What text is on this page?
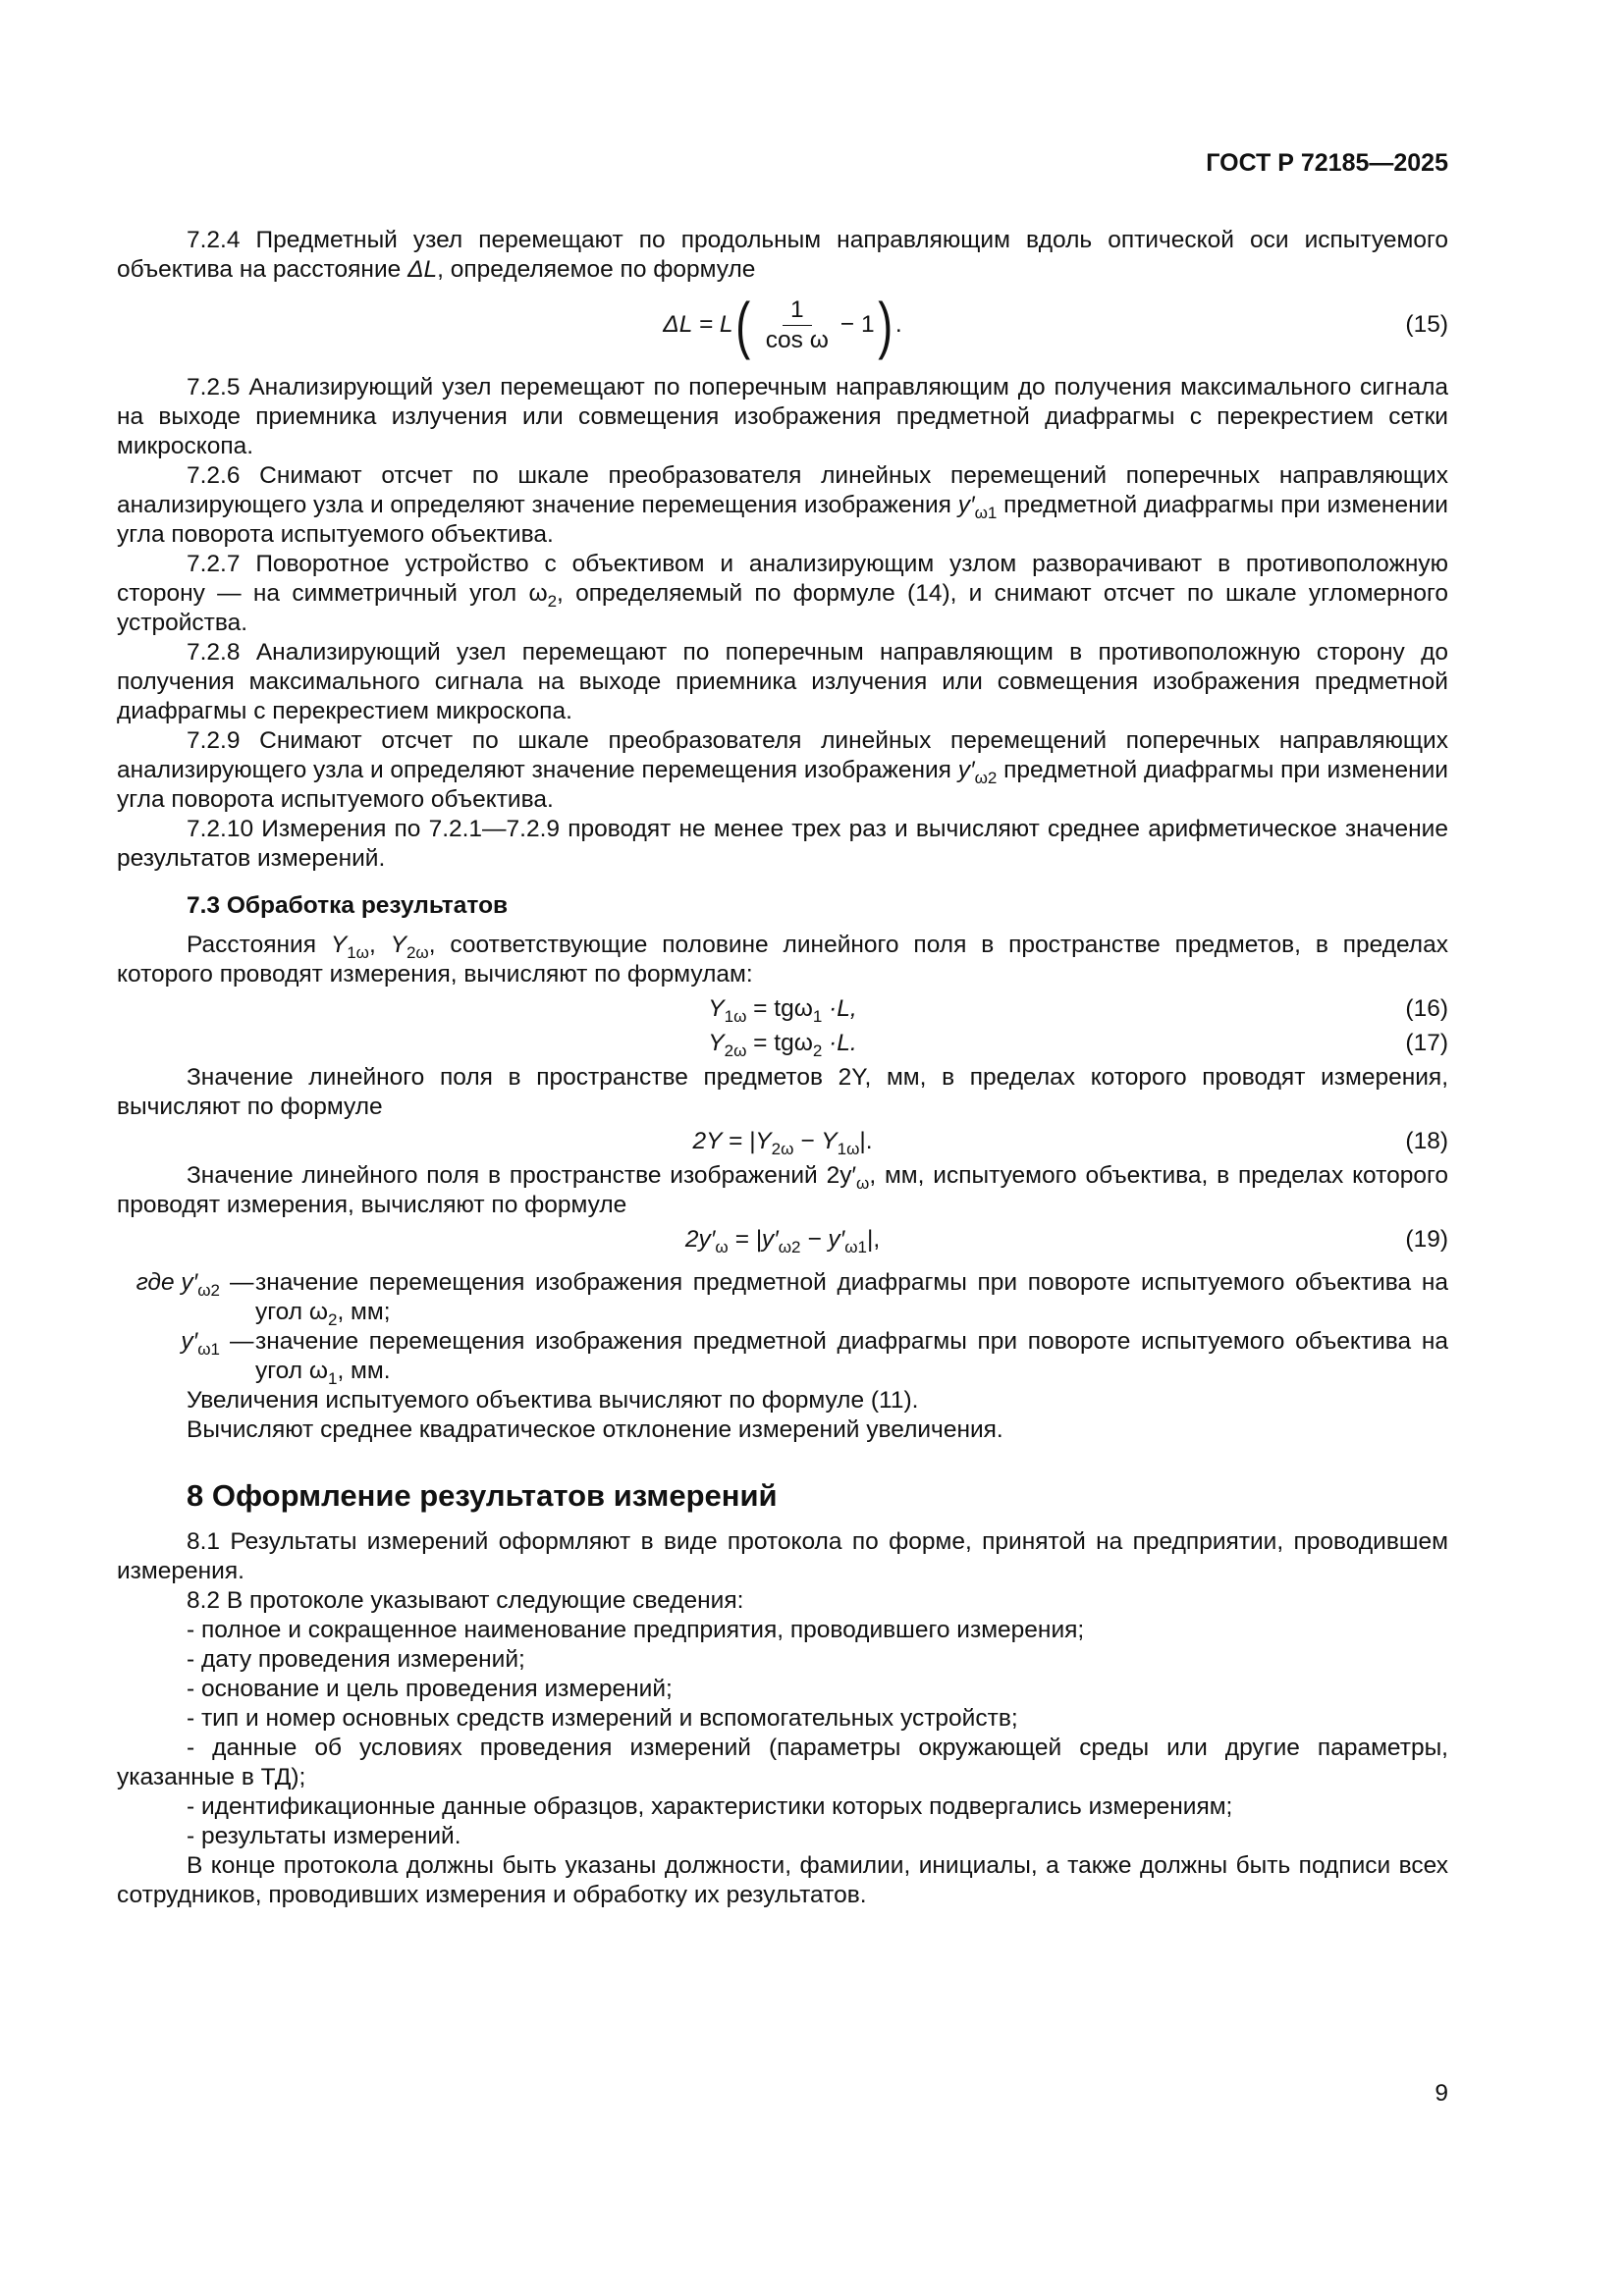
ГОСТ Р 72185—2025

7.2.4 Предметный узел перемещают по продольным направляющим вдоль оптической оси испытуемого объектива на расстояние ΔL, определяемое по формуле

ΔL = L ( $\frac{1}{\text{cos ω}} - 1$ ) .	(15)

7.2.5 Анализирующий узел перемещают по поперечным направляющим до получения максимального сигнала на выходе приемника излучения или совмещения изображения предметной диафрагмы с перекрестием сетки микроскопа.

7.2.6 Снимают отсчет по шкале преобразователя линейных перемещений поперечных направляющих анализирующего узла и определяют значение перемещения изображения $y'_{\omega 1}$ предметной диафрагмы при изменении угла поворота испытуемого объектива.

7.2.7 Поворотное устройство с объективом и анализирующим узлом разворачивают в противоположную сторону — на симметричный угол $\omega_2$, определяемый по формуле (14), и снимают отсчет по шкале угломерного устройства.

7.2.8 Анализирующий узел перемещают по поперечным направляющим в противоположную сторону до получения максимального сигнала на выходе приемника излучения или совмещения изображения предметной диафрагмы с перекрестием микроскопа.

7.2.9 Снимают отсчет по шкале преобразователя линейных перемещений поперечных направляющих анализирующего узла и определяют значение перемещения изображения $y'_{\omega 2}$ предметной диафрагмы при изменении угла поворота испытуемого объектива.

7.2.10 Измерения по 7.2.1—7.2.9 проводят не менее трех раз и вычисляют среднее арифметическое значение результатов измерений.

7.3 Обработка результатов

Расстояния $Y_{1\omega}$, $Y_{2\omega}$, соответствующие половине линейного поля в пространстве предметов, в пределах которого проводят измерения, вычисляют по формулам:

$Y_{1\omega} = tg\omega_1 \cdot L$,	(16)
$Y_{2\omega} = tg\omega_2 \cdot L$.	(17)

Значение линейного поля в пространстве предметов 2Y, мм, в пределах которого проводят измерения, вычисляют по формуле

$2Y = |Y_{2\omega} - Y_{1\omega}|$.	(18)

Значение линейного поля в пространстве изображений $2y'_\omega$, мм, испытуемого объектива, в пределах которого проводят измерения, вычисляют по формуле

$2y'_\omega = |y'_{\omega 2} - y'_{\omega 1}|$,	(19)
где $y'_{\omega 2}$ — значение перемещения изображения предметной диафрагмы при повороте испытуемого объектива на угол $\omega_2$, мм;
$y'_{\omega 1}$ — значение перемещения изображения предметной диафрагмы при повороте испытуемого объектива на угол $\omega_1$, мм.

Увеличения испытуемого объектива вычисляют по формуле (11).

Вычисляют среднее квадратическое отклонение измерений увеличения.

8 Оформление результатов измерений

8.1 Результаты измерений оформляют в виде протокола по форме, принятой на предприятии, проводившем измерения.

8.2 В протоколе указывают следующие сведения:

- полное и сокращенное наименование предприятия, проводившего измерения;

- дату проведения измерений;

- основание и цель проведения измерений;

- тип и номер основных средств измерений и вспомогательных устройств;

- данные об условиях проведения измерений (параметры окружающей среды или другие параметры, указанные в ТД);

- идентификационные данные образцов, характеристики которых подвергались измерениям;

- результаты измерений.

В конце протокола должны быть указаны должности, фамилии, инициалы, а также должны быть подписи всех сотрудников, проводивших измерения и обработку их результатов.

9
